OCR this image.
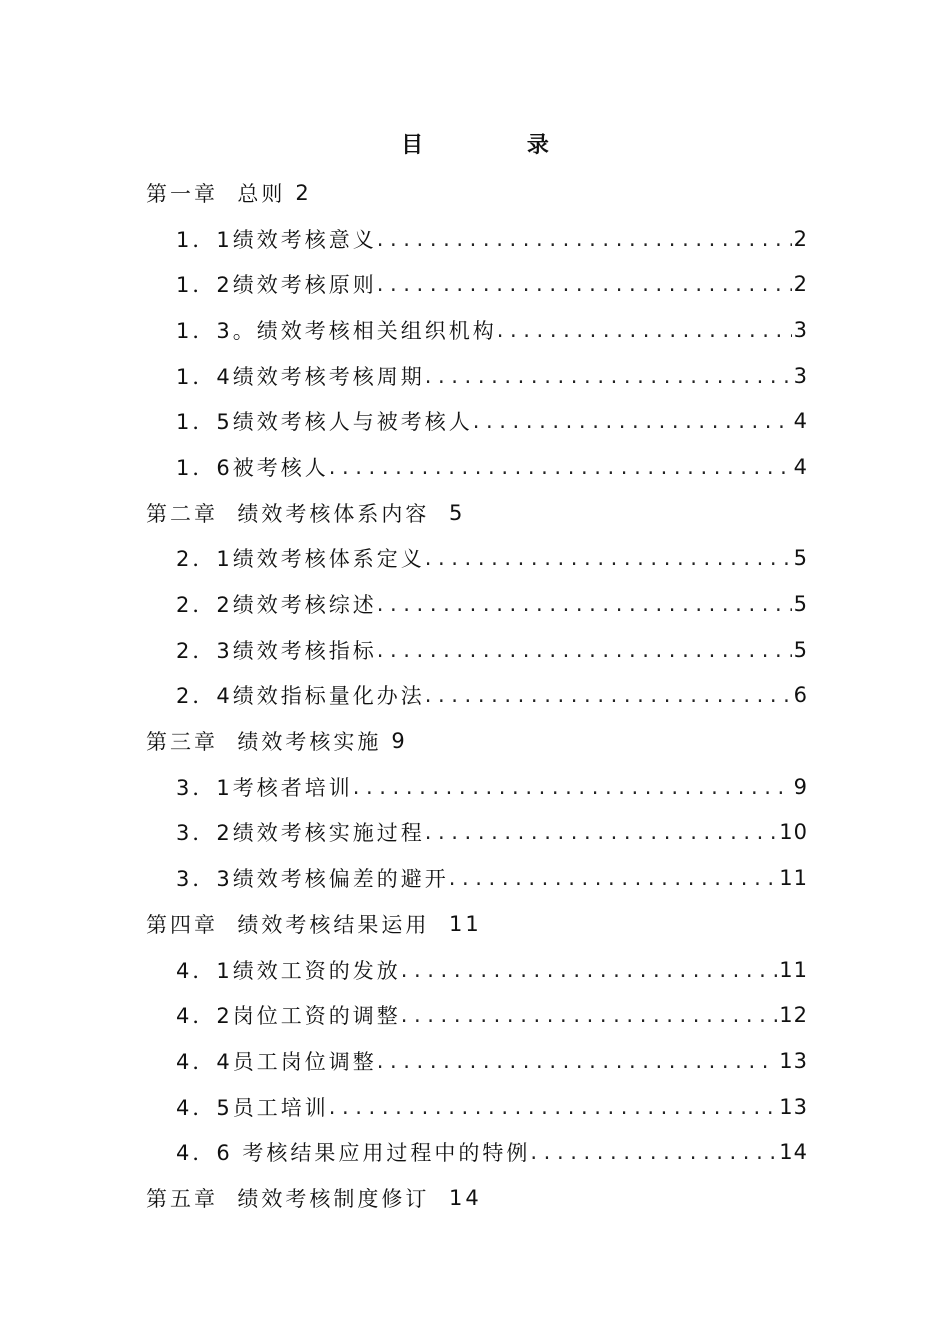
目 录
第一章  总则 2
1．1绩效考核意义 .....	2
1．2绩效考核原则 .....	2
1．3。绩效考核相关组织机构 .....	3
1．4绩效考核考核周期 .....	3
1．5绩效考核人与被考核人 .....	4
1．6被考核人 .....	4
第二章  绩效考核体系内容 5
2．1绩效考核体系定义 .....	5
2．2绩效考核综述 .....	5
2．3绩效考核指标 .....	5
2．4绩效指标量化办法 .....	6
第三章  绩效考核实施 9
3．1考核者培训 .....	9
3．2绩效考核实施过程 .....	10
3．3绩效考核偏差的避开 .....	11
第四章  绩效考核结果运用 11
4．1绩效工资的发放 .....	11
4．2岗位工资的调整 .....	12
4．4员工岗位调整 .....	13
4．5员工培训 .....	13
4．6 考核结果应用过程中的特例 .....	14
第五章  绩效考核制度修订 14
